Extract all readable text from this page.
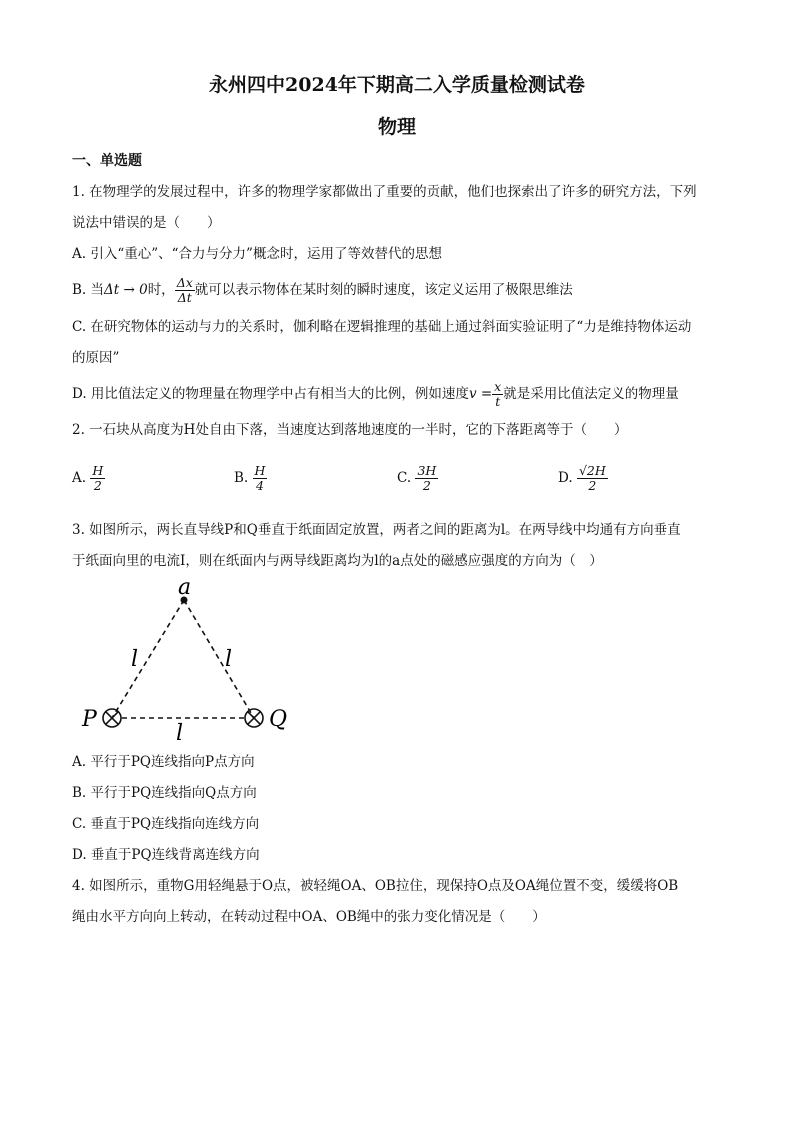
永州四中2024年下期高二入学质量检测试卷
物理
一、单选题
1. 在物理学的发展过程中，许多的物理学家都做出了重要的贡献，他们也探索出了许多的研究方法，下列
说法中错误的是（　　）
A. 引入“重心”、“合力与分力”概念时，运用了等效替代的思想
B. 当Δt → 0时， $\frac{\Delta x}{\Delta t}$ 就可以表示物体在某时刻的瞬时速度，该定义运用了极限思维法
C. 在研究物体的运动与力的关系时，伽利略在逻辑推理的基础上通过斜面实验证明了“力是维持物体运动
的原因”
D. 用比值法定义的物理量在物理学中占有相当大的比例，例如速度$v = \frac{x}{t}$ 就是采用比值法定义的物理量
2. 一石块从高度为H处自由下落，当速度达到落地速度的一半时，它的下落距离等于（　　）
A. $\frac{H}{2}$	B. $\frac{H}{4}$	C. $\frac{3H}{2}$	D. $\frac{√2H}{2}$
3. 如图所示，两长直导线P和Q垂直于纸面固定放置，两者之间的距离为l。在两导线中均通有方向垂直
于纸面向里的电流I，则在纸面内与两导线距离均为l的a点处的磁感应强度的方向为（　）
a
P	Q
l	l
l
A. 平行于PQ连线指向P点方向
B. 平行于PQ连线指向Q点方向
C. 垂直于PQ连线指向连线方向
D. 垂直于PQ连线背离连线方向
4. 如图所示，重物G用轻绳悬于O点，被轻绳OA、OB拉住，现保持O点及OA绳位置不变，缓缓将OB
绳由水平方向向上转动，在转动过程中OA、OB绳中的张力变化情况是（　　）
